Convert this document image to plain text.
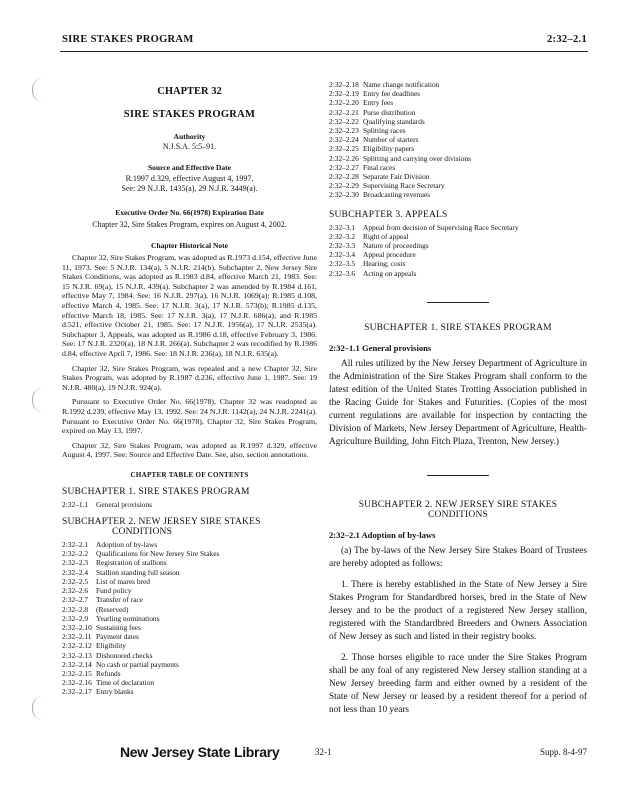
SIRE STAKES PROGRAM	2:32–2.1
CHAPTER 32
SIRE STAKES PROGRAM
Authority
N.J.S.A. 5:5–91.
Source and Effective Date
R.1997 d.329, effective August 4, 1997.
See: 29 N.J.R. 1435(a), 29 N.J.R. 3449(a).
Executive Order No. 66(1978) Expiration Date
Chapter 32, Sire Stakes Program, expires on August 4, 2002.
Chapter Historical Note

Chapter 32, Sire Stakes Program, was adopted as R.1973 d.154, effective June 11, 1973. See: 5 N.J.R. 134(a), 5 N.J.R. 214(b). Subchapter 2, New Jersey Sire Stakes Conditions, was adopted as R.1983 d.84, effective March 21, 1983. See: 15 N.J.R. 69(a), 15 N.J.R. 439(a). Subchapter 2 was amended by R.1984 d.161, effective May 7, 1984. See: 16 N.J.R. 297(a), 16 N.J.R. 1069(a); R.1985 d.108, effective March 4, 1985. See: 17 N.J.R. 3(a), 17 N.J.R. 573(b); R.1985 d.135, effective March 18, 1985. See: 17 N.J.R. 3(a), 17 N.J.R. 686(a); and R.1985 d.521, effective October 21, 1985. See: 17 N.J.R. 1956(a), 17 N.J.R. 2535(a). Subchapter 3, Appeals, was adopted as R.1986 d.18, effective February 3, 1986. See: 17 N.J.R. 2320(a), 18 N.J.R. 266(a). Subchapter 2 was recodified by R.1986 d.84, effective April 7, 1986. See: 18 N.J.R. 236(a), 18 N.J.R. 635(a).

Chapter 32, Sire Stakes Program, was repealed and a new Chapter 32, Sire Stakes Program, was adopted by R.1987 d.236, effective June 1, 1987. See: 19 N.J.R. 480(a), 19 N.J.R. 924(a).

Pursuant to Executive Order No. 66(1978), Chapter 32 was readopted as R.1992 d.239, effective May 13, 1992. See: 24 N.J.R. 1142(a), 24 N.J.R. 2241(a). Pursuant to Executive Order No. 66(1978), Chapter 32, Sire Stakes Program, expired on May 13, 1997.

Chapter 32, Sire Stakes Program, was adopted as R.1997 d.329, effective August 4, 1997. See: Source and Effective Date. See, also, section annotations.

CHAPTER TABLE OF CONTENTS
SUBCHAPTER 1. SIRE STAKES PROGRAM
2:32–1.1	General provisions
SUBCHAPTER 2. NEW JERSEY SIRE STAKES
CONDITIONS
2:32–2.1	Adoption of by-laws
2:32–2.2	Qualifications for New Jersey Sire Stakes
2:32–2.3	Registration of stallions
2:32–2.4	Stallion standing full season
2:32–2.5	List of mares bred
2:32–2.6	Fund policy
2:32–2.7	Transfer of race
2:32–2.8	(Reserved)
2:32–2.9	Yearling nominations
2:32–2.10 Sustaining fees
2:32–2.11 Payment dates
2:32–2.12 Eligibility
2:32–2.13 Dishonored checks
2:32–2.14 No cash or partial payments
2:32–2.15 Refunds
2:32–2.16 Time of declaration
2:32–2.17 Entry blanks
2:32–2.18 Name change notification
2:32–2.19 Entry fee deadlines
2:32–2.20 Entry fees
2:32–2.21 Purse distribution
2:32–2.22 Qualifying standards
2:32–2.23 Splitting races
2:32–2.24 Number of starters
2:32–2.25 Eligibility papers
2:32–2.26 Splitting and carrying over divisions
2:32–2.27 Final races
2:32–2.28 Separate Fair Division
2:32–2.29 Supervising Race Secretary
2:32–2.30 Broadcasting revenues
SUBCHAPTER 3. APPEALS
2:32–3.1	Appeal from decision of Supervising Race Secretary
2:32–3.2	Right of appeal
2:32–3.3	Nature of proceedings
2:32–3.4	Appeal procedure
2:32–3.5	Hearing; costs
2:32–3.6	Acting on appeals
SUBCHAPTER 1. SIRE STAKES PROGRAM
2:32–1.1 General provisions

All rules utilized by the New Jersey Department of Agriculture in the Administration of the Sire Stakes Program shall conform to the latest edition of the United States Trotting Association published in the Racing Guide for Stakes and Futurities. (Copies of the most current regulations are available for inspection by contacting the Division of Markets, New Jersey Department of Agriculture, Health-Agriculture Building, John Fitch Plaza, Trenton, New Jersey.)

SUBCHAPTER 2. NEW JERSEY SIRE STAKES
CONDITIONS
2:32–2.1 Adoption of by-laws

(a) The by-laws of the New Jersey Sire Stakes Board of Trustees are hereby adopted as follows:

1. There is hereby established in the State of New Jersey a Sire Stakes Program for Standardbred horses, bred in the State of New Jersey and to be the product of a registered New Jersey stallion, registered with the Standardbred Breeders and Owners Association of New Jersey as such and listed in their registry books.

2. Those horses eligible to race under the Sire Stakes Program shall be any foal of any registered New Jersey stallion standing at a New Jersey breeding farm and either owned by a resident of the State of New Jersey or leased by a resident thereof for a period of not less than 10 years

New Jersey State Library	32-1	Supp. 8-4-97
